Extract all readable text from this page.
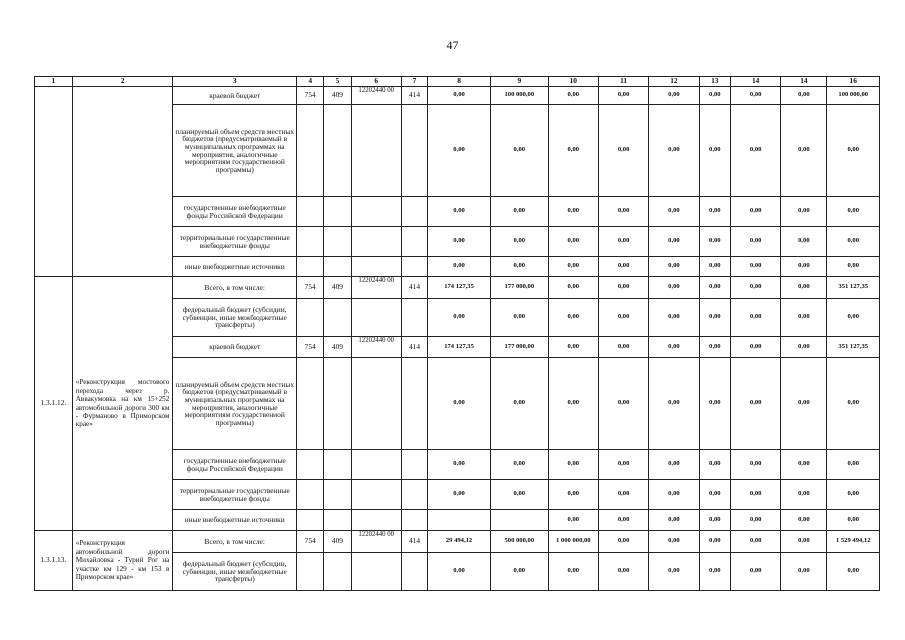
47
1	2	3	4	5	6	7	8	9	10	11	12	13	14	14	16
		краевой бюджет	754	409	12202440 00	414	0,00	100 000,00	0,00	0,00	0,00	0,00	0,00	0,00	100 000,00
		планируемый объем средств местных бюджетов (предусматриваемый в муниципальных программах на мероприятия, аналогичные мероприятиям государственной программы)					0,00	0,00	0,00	0,00	0,00	0,00	0,00	0,00	0,00
		государственные внебюджетные фонды Российской Федерации					0,00	0,00	0,00	0,00	0,00	0,00	0,00	0,00	0,00
		территориальные государственные внебюджетные фонды					0,00	0,00	0,00	0,00	0,00	0,00	0,00	0,00	0,00
		иные внебюджетные источники					0,00	0,00	0,00	0,00	0,00	0,00	0,00	0,00	0,00
1.3.1.12.	«Реконструкция мостового перехода через р. Аввакумовка на км 15+252 автомобильной дороги 300 км - Фурманово в Приморском крае»	Всего, в том числе:	754	409	12202440 00	414	174 127,35	177 000,00	0,00	0,00	0,00	0,00	0,00	0,00	351 127,35
		федеральный бюджет (субсидии, субвенции, иные межбюджетные трансферты)					0,00	0,00	0,00	0,00	0,00	0,00	0,00	0,00	0,00
		краевой бюджет	754	409	12202440 00	414	174 127,35	177 000,00	0,00	0,00	0,00	0,00	0,00	0,00	351 127,35
		планируемый объем средств местных бюджетов (предусматриваемый в муниципальных программах на мероприятия, аналогичные мероприятиям государственной программы)					0,00	0,00	0,00	0,00	0,00	0,00	0,00	0,00	0,00
		государственные внебюджетные фонды Российской Федерации					0,00	0,00	0,00	0,00	0,00	0,00	0,00	0,00	0,00
		территориальные государственные внебюджетные фонды					0,00	0,00	0,00	0,00	0,00	0,00	0,00	0,00	0,00
		иные внебюджетные источники							0,00	0,00	0,00	0,00	0,00	0,00	0,00
1.3.1.13.	«Реконструкция автомобильной дороги Михайловка - Турий Рог на участке км 129 - км 153 в Приморском крае»	Всего, в том числе:	754	409	12202440 00	414	29 494,12	500 000,00	1 000 000,00	0,00	0,00	0,00	0,00	0,00	1 529 494,12
		федеральный бюджет (субсидии, субвенции, иные межбюджетные трансферты)					0,00	0,00	0,00	0,00	0,00	0,00	0,00	0,00	0,00
